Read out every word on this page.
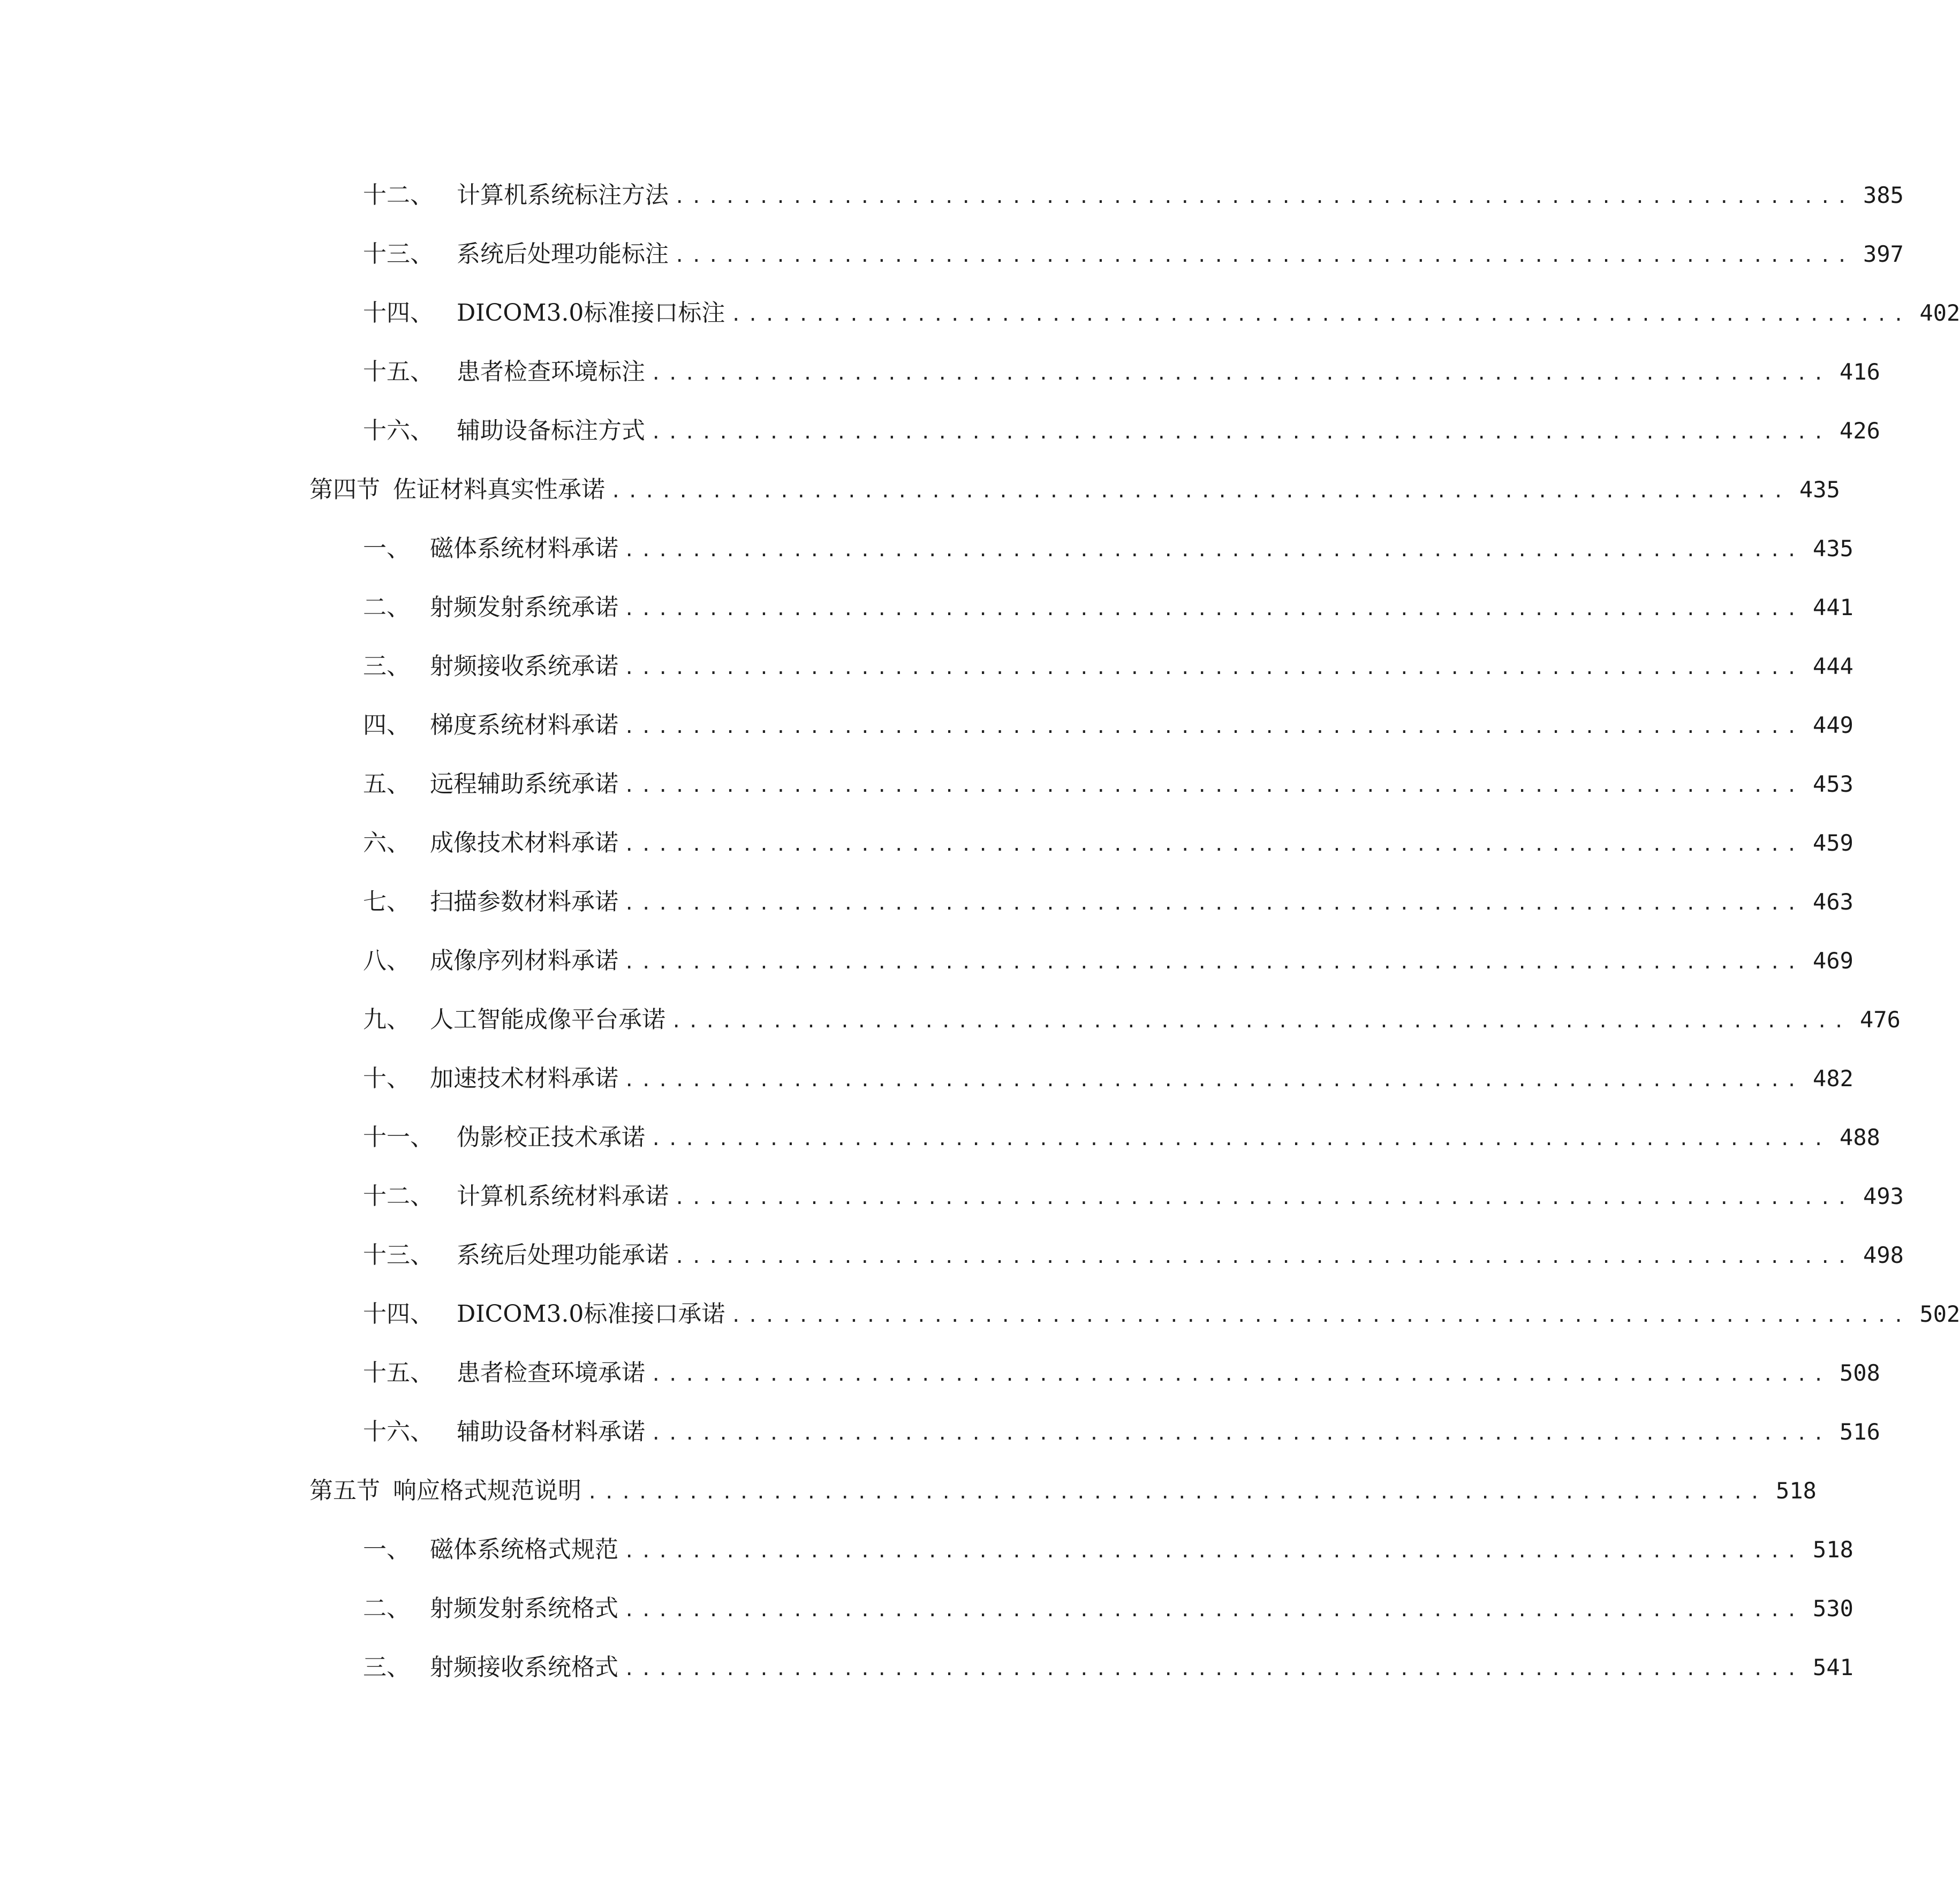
十二、 计算机系统标注方法 ...................................................................... 385
十三、 系统后处理功能标注 ...................................................................... 397
十四、 DICOM3.0标准接口标注 ...................................................................... 402
十五、 患者检查环境标注 ...................................................................... 416
十六、 辅助设备标注方式 ...................................................................... 426
第四节 佐证材料真实性承诺 ...................................................................... 435
一、 磁体系统材料承诺 ...................................................................... 435
二、 射频发射系统承诺 ...................................................................... 441
三、 射频接收系统承诺 ...................................................................... 444
四、 梯度系统材料承诺 ...................................................................... 449
五、 远程辅助系统承诺 ...................................................................... 453
六、 成像技术材料承诺 ...................................................................... 459
七、 扫描参数材料承诺 ...................................................................... 463
八、 成像序列材料承诺 ...................................................................... 469
九、 人工智能成像平台承诺 ...................................................................... 476
十、 加速技术材料承诺 ...................................................................... 482
十一、 伪影校正技术承诺 ...................................................................... 488
十二、 计算机系统材料承诺 ...................................................................... 493
十三、 系统后处理功能承诺 ...................................................................... 498
十四、 DICOM3.0标准接口承诺 ...................................................................... 502
十五、 患者检查环境承诺 ...................................................................... 508
十六、 辅助设备材料承诺 ...................................................................... 516
第五节 响应格式规范说明 ...................................................................... 518
一、 磁体系统格式规范 ...................................................................... 518
二、 射频发射系统格式 ...................................................................... 530
三、 射频接收系统格式 ...................................................................... 541
